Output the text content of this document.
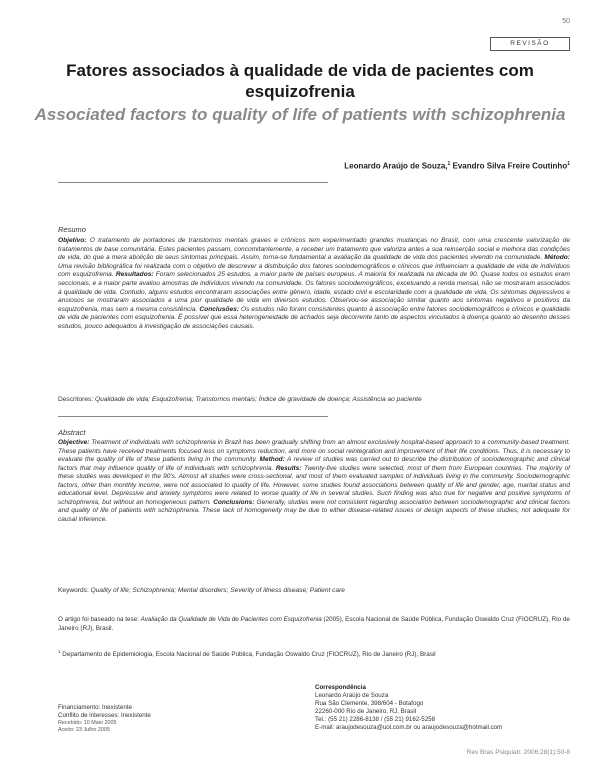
50
REVISÃO
Fatores associados à qualidade de vida de pacientes com esquizofrenia
Associated factors to quality of life of patients with schizophrenia
Leonardo Araújo de Souza,$^1$ Evandro Silva Freire Coutinho$^1$
Resumo
Objetivo: O tratamento de portadores de transtornos mentais graves e crônicos tem experimentado grandes mudanças no Brasil, com uma crescente valorização de tratamentos de base comunitária. Estes pacientes passam, concomitantemente, a receber um tratamento que valoriza antes a sua reinserção social e melhora das condições de vida, do que a mera abolição de seus sintomas principais. Assim, torna-se fundamental a avaliação da qualidade de vida dos pacientes vivendo na comunidade. Método: Uma revisão bibliográfica foi realizada com o objetivo de descrever a distribuição dos fatores sociodemográficos e clínicos que influenciam a qualidade de vida de indivíduos com esquizofrenia. Resultados: Foram selecionados 25 estudos, a maior parte de países europeus. A maioria foi realizada na década de 90. Quase todos os estudos eram seccionais, e a maior parte avaliou amostras de indivíduos vivendo na comunidade. Os fatores sociodemográficos, excetuando a renda mensal, não se mostraram associados à qualidade de vida. Contudo, alguns estudos encontraram associações entre gênero, idade, estado civil e escolaridade com a qualidade de vida. Os sintomas depressivos e ansiosos se mostraram associados a uma pior qualidade de vida em diversos estudos. Observou-se associação similar quanto aos sintomas negativos e positivos da esquizofrenia, mas sem a mesma consistência. Conclusões: Os estudos não foram consistentes quanto à associação entre fatores sociodemográficos e clínicos e qualidade de vida de pacientes com esquizofrenia. É possível que essa heterogeneidade de achados seja decorrente tanto de aspectos vinculados à doença quanto ao desenho desses estudos, pouco adequados à investigação de associações causais.
Descritores: Qualidade de vida; Esquizofrenia; Transtornos mentais; Índice de gravidade de doença; Assistência ao paciente
Abstract
Objective: Treatment of individuals with schizophrenia in Brazil has been gradually shifting from an almost exclusively hospital-based approach to a community-based treatment. These patients have received treatments focused less on symptoms reduction, and more on social reintegration and improvement of their life conditions. Thus, it is necessary to evaluate the quality of life of these patients living in the community. Method: A review of studies was carried out to describe the distribution of sociodemographic and clinical factors that may influence quality of life of individuals with schizophrenia. Results: Twenty-five studies were selected, most of them from European countries. The majority of these studies was developed in the 90's. Almost all studies were cross-sectional, and most of them evaluated samples of individuals living in the community. Sociodemographic factors, other than monthly income, were not associated to quality of life. However, some studies found associations between quality of life and gender, age, marital status and educational level. Depressive and anxiety symptoms were related to worse quality of life in several studies. Such finding was also true for negative and positive symptoms of schizophrenia, but without an homogeneous pattern. Conclusions: Generally, studies were not consistent regarding association between sociodemographic and clinical factors and quality of life of patients with schizophrenia. These lack of homogeneity may be due to either disease-related issues or design aspects of these studies, not adequate for causal inference.
Keywords: Quality of life; Schizophrenia; Mental disorders; Severity of illness disease; Patient care
O artigo foi baseado na tese: Avaliação da Qualidade de Vida de Pacientes com Esquizofrenia (2005), Escola Nacional de Saúde Pública, Fundação Oswaldo Cruz (FIOCRUZ), Rio de Janeiro (RJ), Brasil.
$^1$ Departamento de Epidemiologia, Escola Nacional de Saúde Pública, Fundação Oswaldo Cruz (FIOCRUZ), Rio de Janeiro (RJ), Brasil
Financiamento: Inexistente
Conflito de interesses: Inexistente
Recebido: 10 Maio 2005
Aceito: 23 Julho 2005
Correspondência
Leonardo Araújo de Souza
Rua São Clemente, 398/604 - Botafogo
22260-000 Rio de Janeiro, RJ, Brasil
Tel.: (55 21) 2286-8138 / (55 21) 9162-5258
E-mail: araujodesouza@uol.com.br ou araujodesouza@hotmail.com
Rev Bras Psiquiatr. 2006;28(1):50-8
